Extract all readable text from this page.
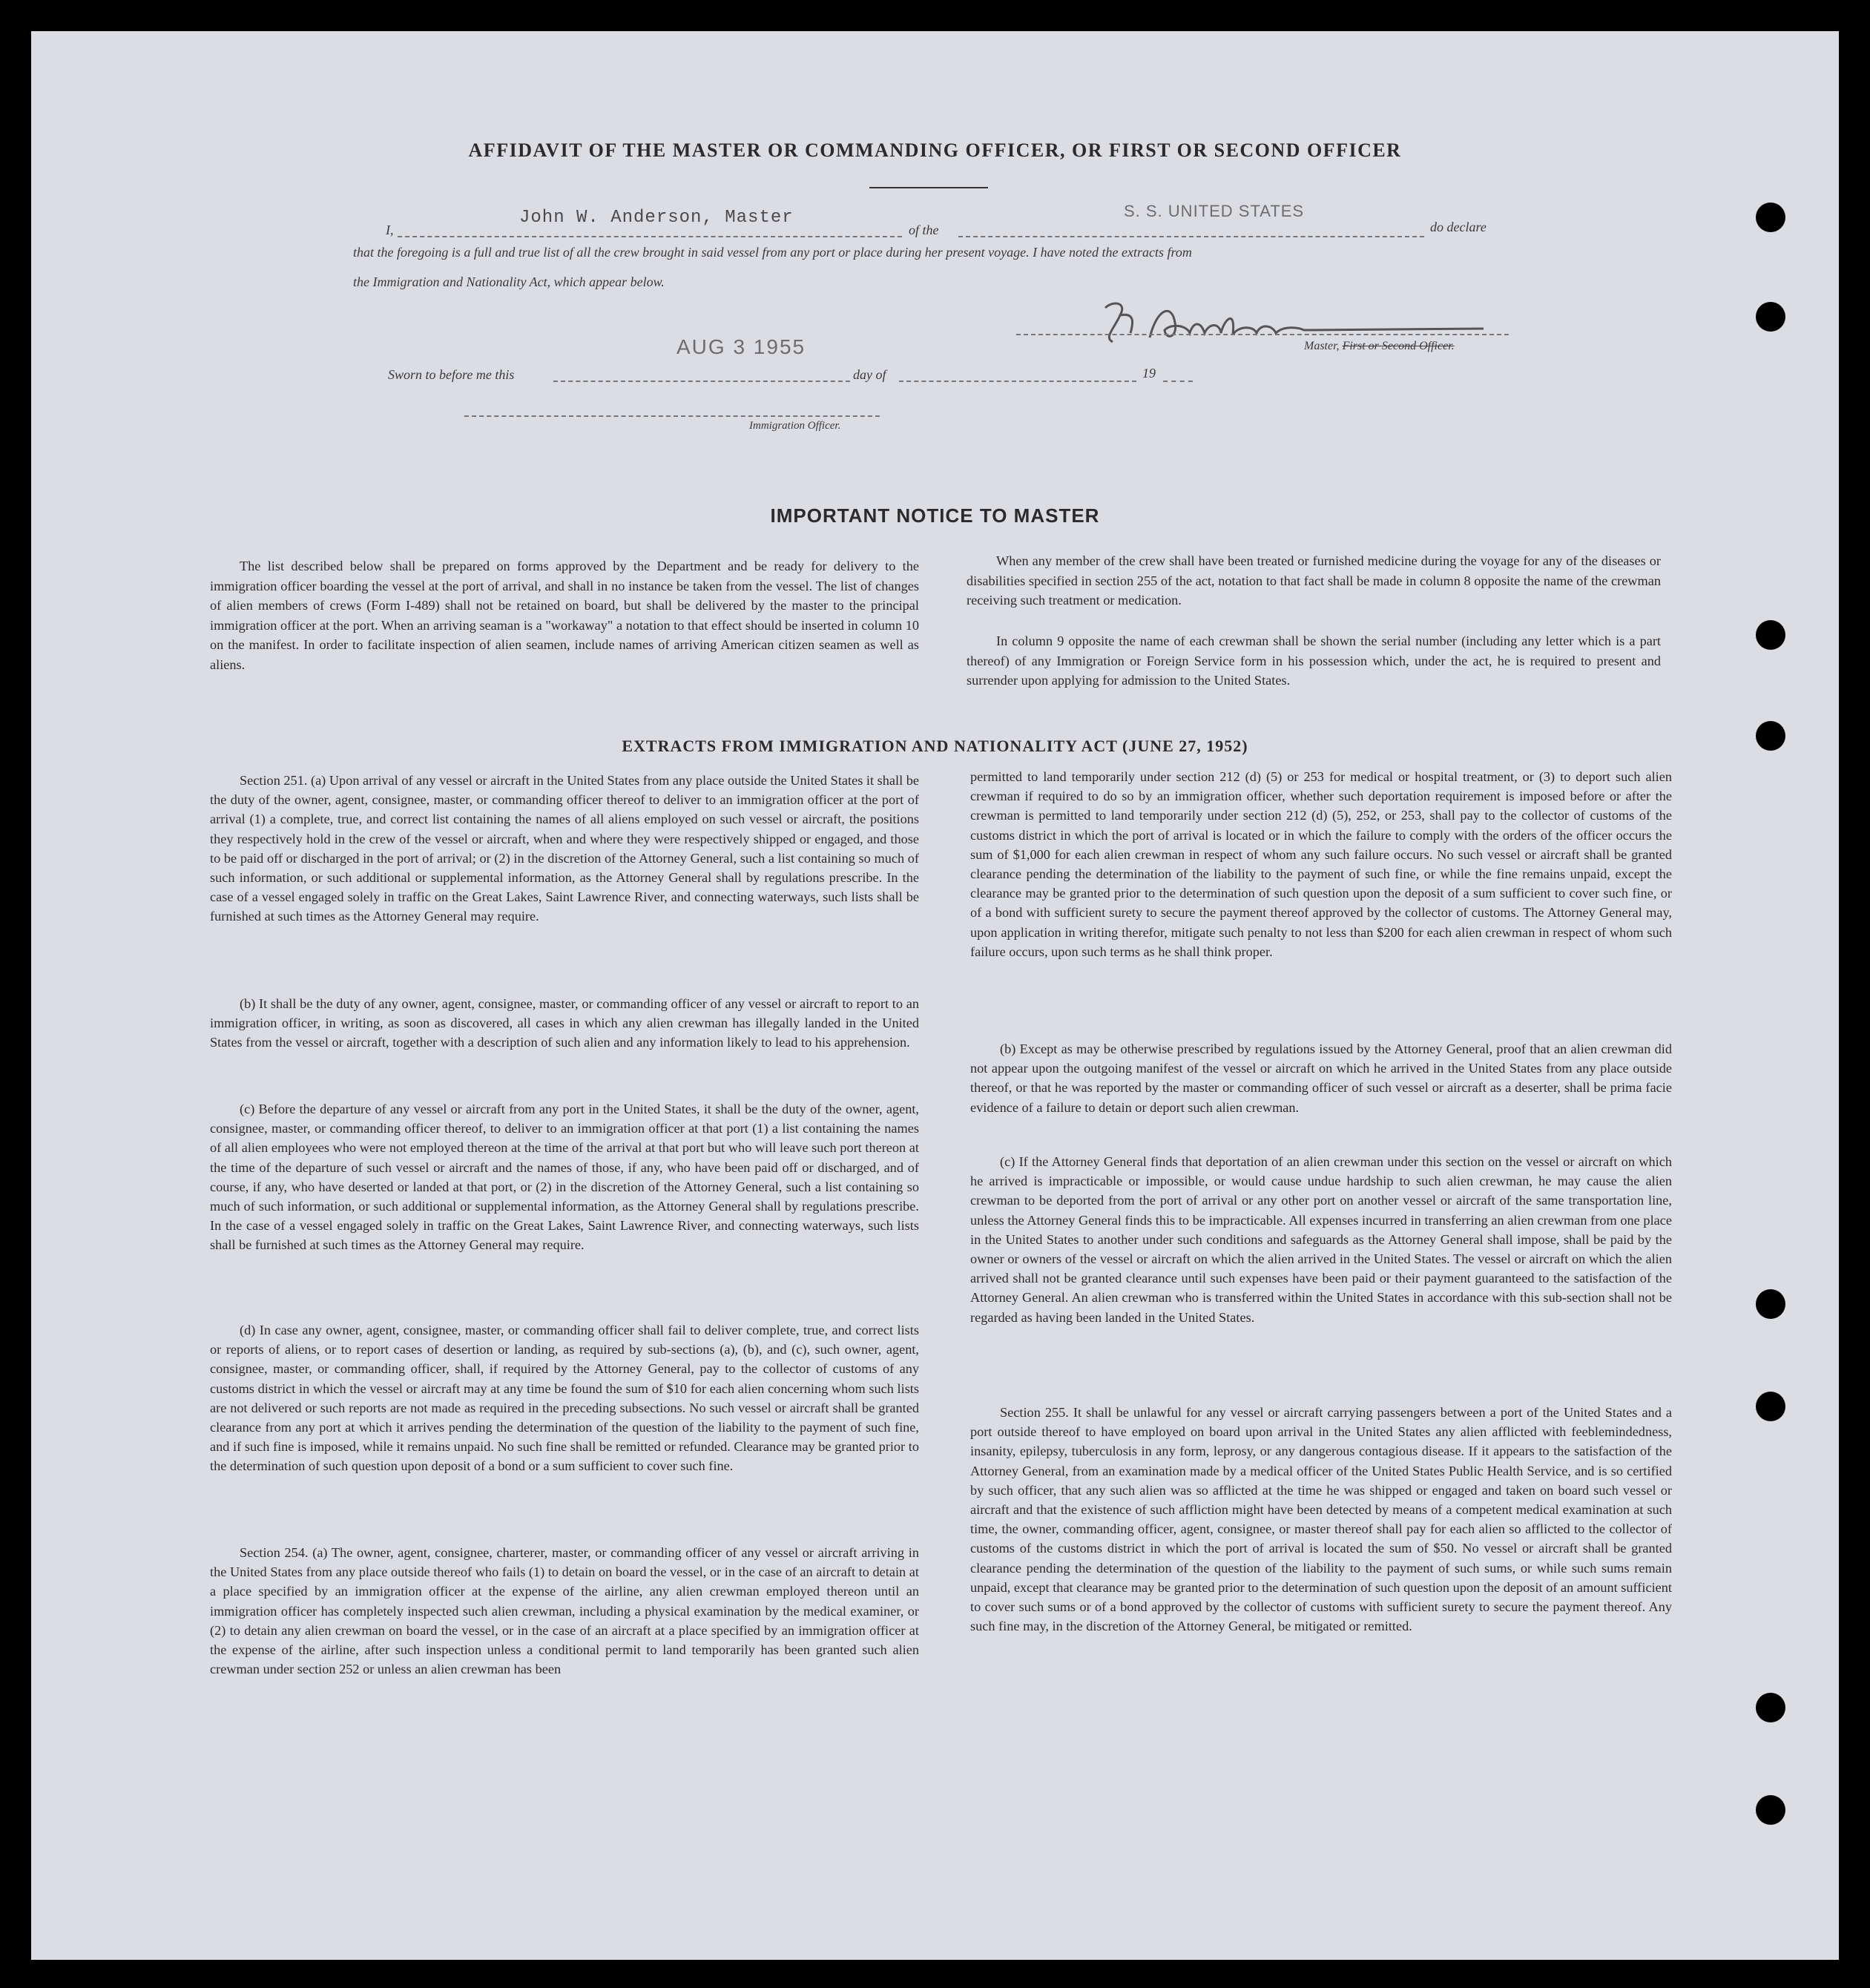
AFFIDAVIT OF THE MASTER OR COMMANDING OFFICER, OR FIRST OR SECOND OFFICER
I,
John W. Anderson, Master
of the
S. S. UNITED STATES
do declare
that the foregoing is a full and true list of all the crew brought in said vessel from any port or place during her present voyage. I have noted the extracts from
the Immigration and Nationality Act, which appear below.
AUG 3 1955	Master, First or Second Officer.
Sworn to before me this	day of	19
Immigration Officer.
IMPORTANT NOTICE TO MASTER

The list described below shall be prepared on forms approved by the Department and be ready for delivery to the immigration officer boarding the vessel at the port of arrival, and shall in no instance be taken from the vessel. The list of changes of alien members of crews (Form I-489) shall not be retained on board, but shall be delivered by the master to the principal immigration officer at the port. When an arriving seaman is a "workaway" a notation to that effect should be inserted in column 10 on the manifest. In order to facilitate inspection of alien seamen, include names of arriving American citizen seamen as well as aliens.

When any member of the crew shall have been treated or furnished medicine during the voyage for any of the diseases or disabilities specified in section 255 of the act, notation to that fact shall be made in column 8 opposite the name of the crewman receiving such treatment or medication.

In column 9 opposite the name of each crewman shall be shown the serial number (including any letter which is a part thereof) of any Immigration or Foreign Service form in his possession which, under the act, he is required to present and surrender upon applying for admission to the United States.

EXTRACTS FROM IMMIGRATION AND NATIONALITY ACT (JUNE 27, 1952)

Section 251. (a) Upon arrival of any vessel or aircraft in the United States from any place outside the United States it shall be the duty of the owner, agent, consignee, master, or commanding officer thereof to deliver to an immigration officer at the port of arrival (1) a complete, true, and correct list containing the names of all aliens employed on such vessel or aircraft, the positions they respectively hold in the crew of the vessel or aircraft, when and where they were respectively shipped or engaged, and those to be paid off or discharged in the port of arrival; or (2) in the discretion of the Attorney General, such a list containing so much of such information, or such additional or supplemental information, as the Attorney General shall by regulations prescribe. In the case of a vessel engaged solely in traffic on the Great Lakes, Saint Lawrence River, and connecting waterways, such lists shall be furnished at such times as the Attorney General may require.

(b) It shall be the duty of any owner, agent, consignee, master, or commanding officer of any vessel or aircraft to report to an immigration officer, in writing, as soon as discovered, all cases in which any alien crewman has illegally landed in the United States from the vessel or aircraft, together with a description of such alien and any information likely to lead to his apprehension.

(c) Before the departure of any vessel or aircraft from any port in the United States, it shall be the duty of the owner, agent, consignee, master, or commanding officer thereof, to deliver to an immigration officer at that port (1) a list containing the names of all alien employees who were not employed thereon at the time of the arrival at that port but who will leave such port thereon at the time of the departure of such vessel or aircraft and the names of those, if any, who have been paid off or discharged, and of course, if any, who have deserted or landed at that port, or (2) in the discretion of the Attorney General, such a list containing so much of such information, or such additional or supplemental information, as the Attorney General shall by regulations prescribe. In the case of a vessel engaged solely in traffic on the Great Lakes, Saint Lawrence River, and connecting waterways, such lists shall be furnished at such times as the Attorney General may require.

(d) In case any owner, agent, consignee, master, or commanding officer shall fail to deliver complete, true, and correct lists or reports of aliens, or to report cases of desertion or landing, as required by sub-sections (a), (b), and (c), such owner, agent, consignee, master, or commanding officer, shall, if required by the Attorney General, pay to the collector of customs of any customs district in which the vessel or aircraft may at any time be found the sum of $10 for each alien concerning whom such lists are not delivered or such reports are not made as required in the preceding subsections. No such vessel or aircraft shall be granted clearance from any port at which it arrives pending the determination of the question of the liability to the payment of such fine, and if such fine is imposed, while it remains unpaid. No such fine shall be remitted or refunded. Clearance may be granted prior to the determination of such question upon deposit of a bond or a sum sufficient to cover such fine.

Section 254. (a) The owner, agent, consignee, charterer, master, or commanding officer of any vessel or aircraft arriving in the United States from any place outside thereof who fails (1) to detain on board the vessel, or in the case of an aircraft to detain at a place specified by an immigration officer at the expense of the airline, any alien crewman employed thereon until an immigration officer has completely inspected such alien crewman, including a physical examination by the medical examiner, or (2) to detain any alien crewman on board the vessel, or in the case of an aircraft at a place specified by an immigration officer at the expense of the airline, after such inspection unless a conditional permit to land temporarily has been granted such alien crewman under section 252 or unless an alien crewman has been

permitted to land temporarily under section 212 (d) (5) or 253 for medical or hospital treatment, or (3) to deport such alien crewman if required to do so by an immigration officer, whether such deportation requirement is imposed before or after the crewman is permitted to land temporarily under section 212 (d) (5), 252, or 253, shall pay to the collector of customs of the customs district in which the port of arrival is located or in which the failure to comply with the orders of the officer occurs the sum of $1,000 for each alien crewman in respect of whom any such failure occurs. No such vessel or aircraft shall be granted clearance pending the determination of the liability to the payment of such fine, or while the fine remains unpaid, except the clearance may be granted prior to the determination of such question upon the deposit of a sum sufficient to cover such fine, or of a bond with sufficient surety to secure the payment thereof approved by the collector of customs. The Attorney General may, upon application in writing therefor, mitigate such penalty to not less than $200 for each alien crewman in respect of whom such failure occurs, upon such terms as he shall think proper.

(b) Except as may be otherwise prescribed by regulations issued by the Attorney General, proof that an alien crewman did not appear upon the outgoing manifest of the vessel or aircraft on which he arrived in the United States from any place outside thereof, or that he was reported by the master or commanding officer of such vessel or aircraft as a deserter, shall be prima facie evidence of a failure to detain or deport such alien crewman.

(c) If the Attorney General finds that deportation of an alien crewman under this section on the vessel or aircraft on which he arrived is impracticable or impossible, or would cause undue hardship to such alien crewman, he may cause the alien crewman to be deported from the port of arrival or any other port on another vessel or aircraft of the same transportation line, unless the Attorney General finds this to be impracticable. All expenses incurred in transferring an alien crewman from one place in the United States to another under such conditions and safeguards as the Attorney General shall impose, shall be paid by the owner or owners of the vessel or aircraft on which the alien arrived in the United States. The vessel or aircraft on which the alien arrived shall not be granted clearance until such expenses have been paid or their payment guaranteed to the satisfaction of the Attorney General. An alien crewman who is transferred within the United States in accordance with this sub-section shall not be regarded as having been landed in the United States.

Section 255. It shall be unlawful for any vessel or aircraft carrying passengers between a port of the United States and a port outside thereof to have employed on board upon arrival in the United States any alien afflicted with feeblemindedness, insanity, epilepsy, tuberculosis in any form, leprosy, or any dangerous contagious disease. If it appears to the satisfaction of the Attorney General, from an examination made by a medical officer of the United States Public Health Service, and is so certified by such officer, that any such alien was so afflicted at the time he was shipped or engaged and taken on board such vessel or aircraft and that the existence of such affliction might have been detected by means of a competent medical examination at such time, the owner, commanding officer, agent, consignee, or master thereof shall pay for each alien so afflicted to the collector of customs of the customs district in which the port of arrival is located the sum of $50. No vessel or aircraft shall be granted clearance pending the determination of the question of the liability to the payment of such sums, or while such sums remain unpaid, except that clearance may be granted prior to the determination of such question upon the deposit of an amount sufficient to cover such sums or of a bond approved by the collector of customs with sufficient surety to secure the payment thereof. Any such fine may, in the discretion of the Attorney General, be mitigated or remitted.
